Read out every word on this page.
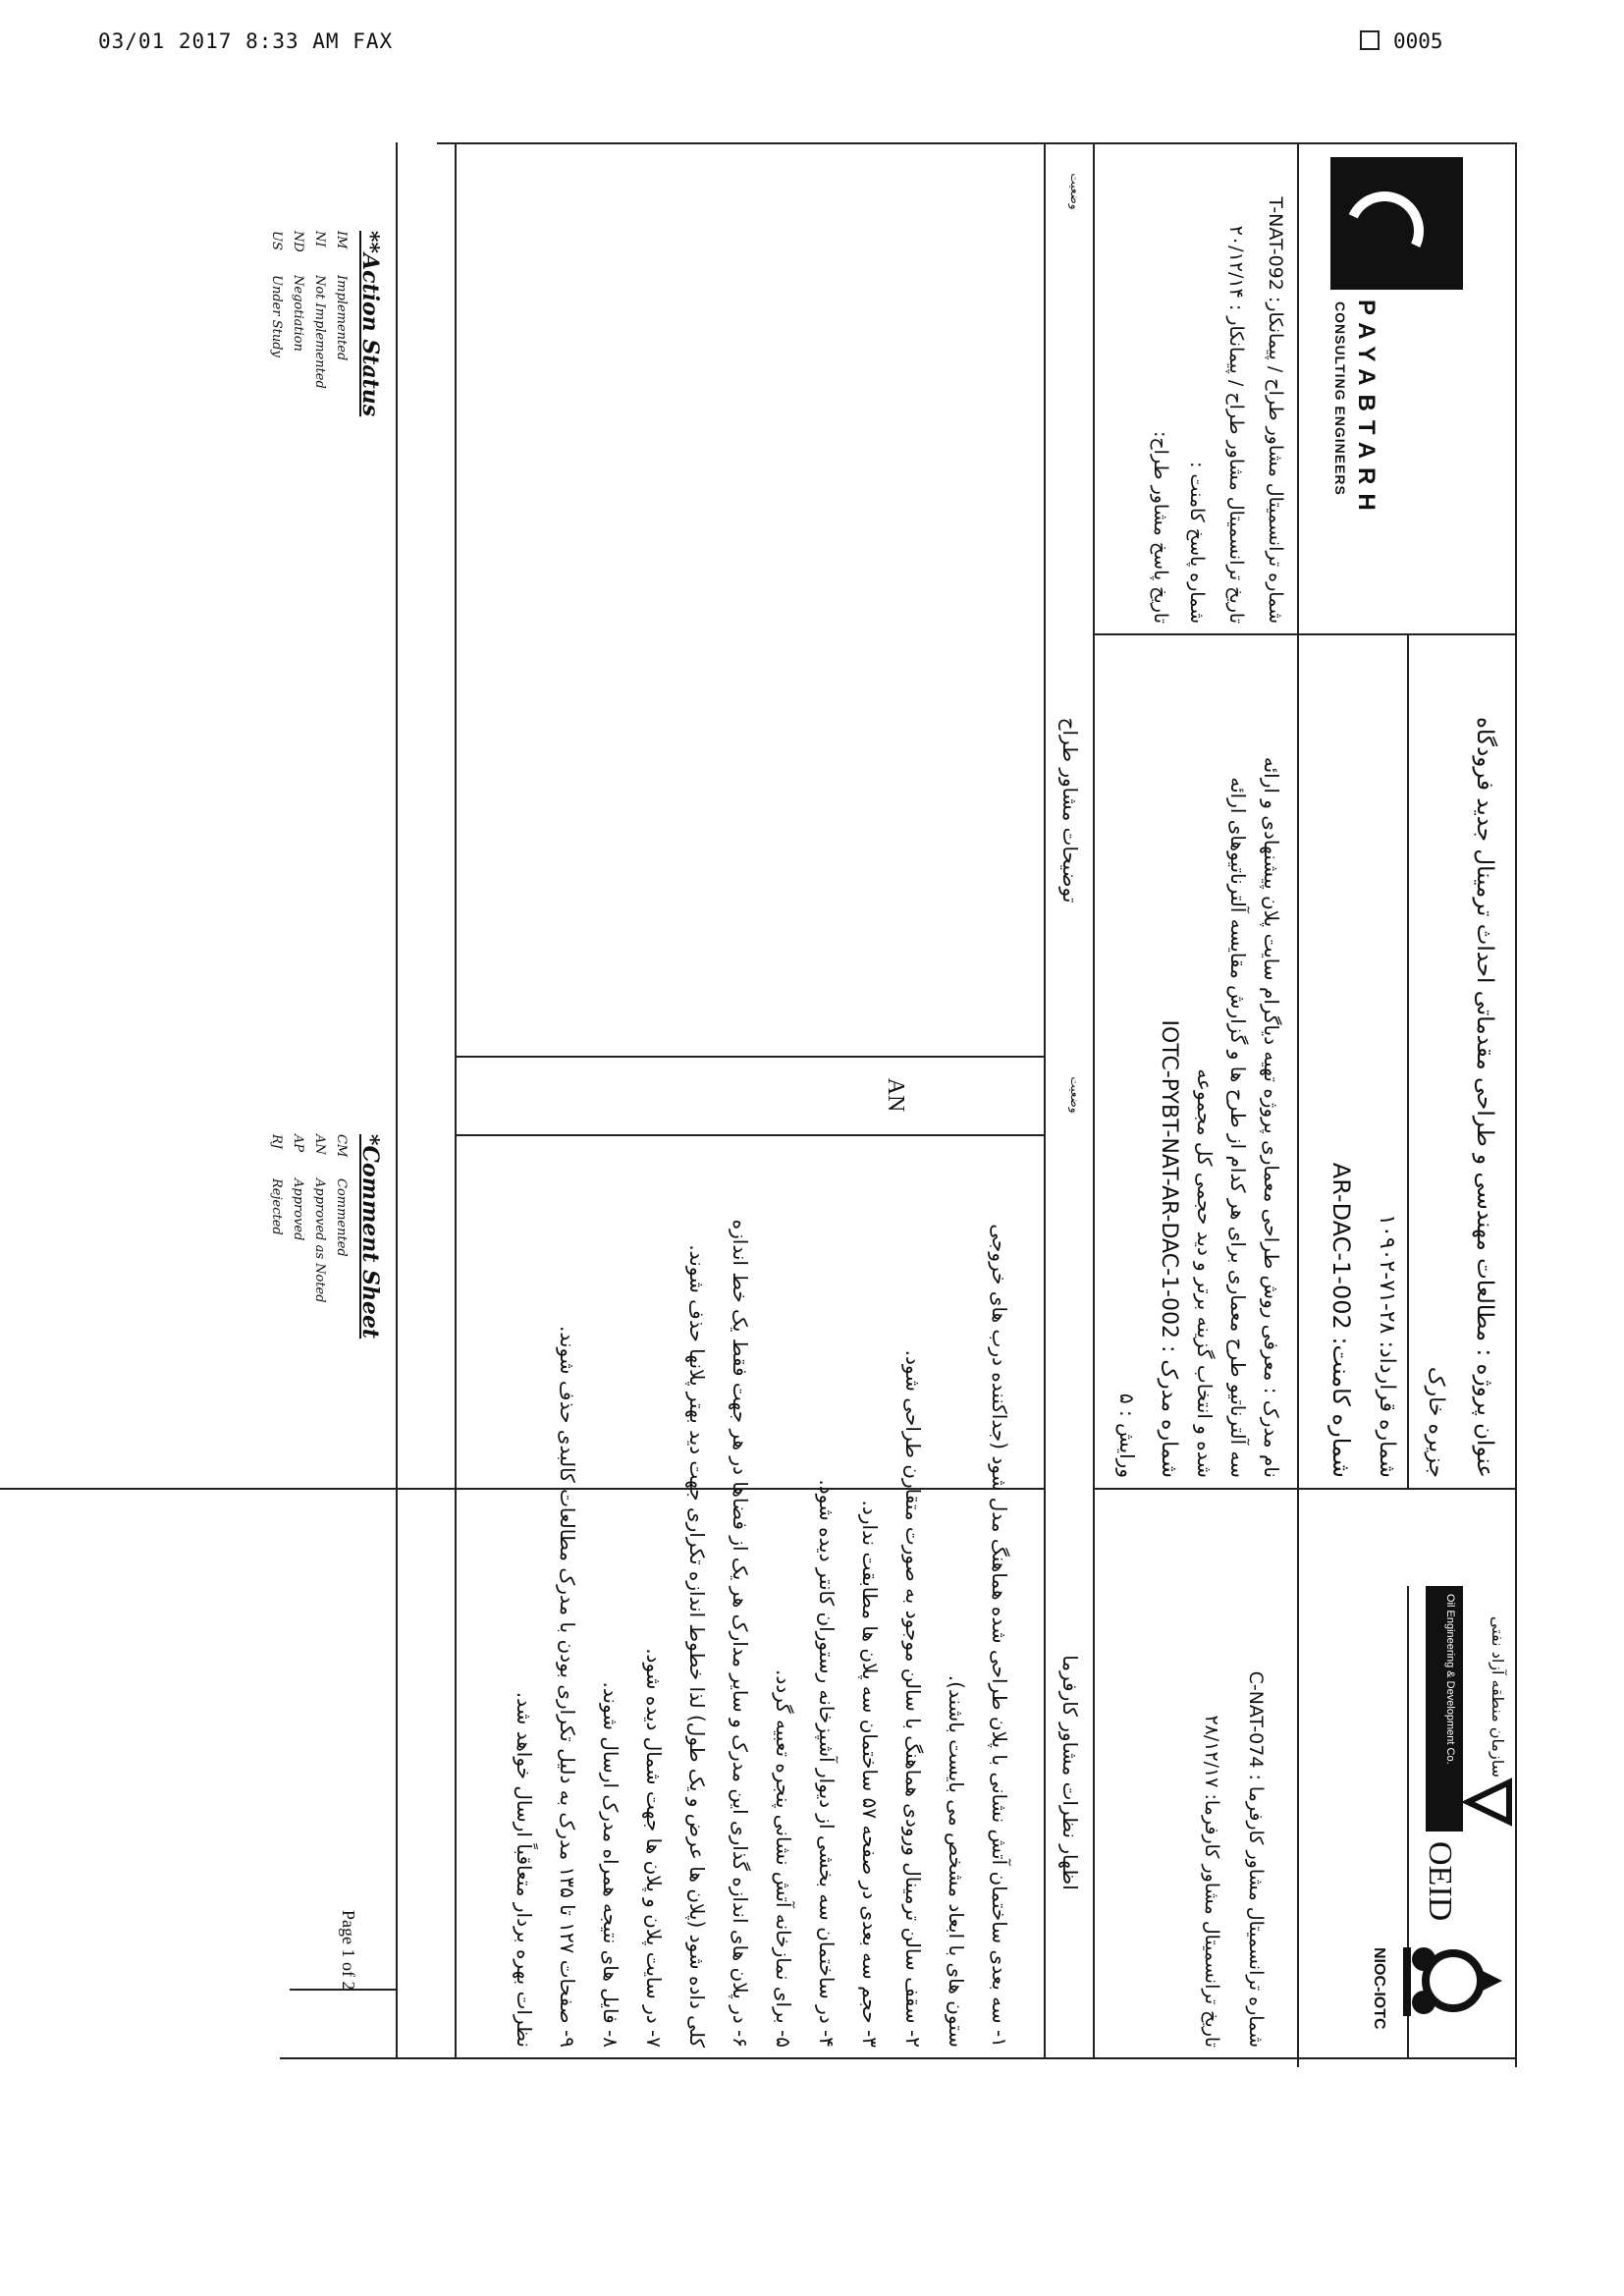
03/01 2017 8:33 AM FAX	0005
PAYABTARH
CONSULTING ENGINEERS
عنوان پروژه : مطالعات مهندسی و طراحی مقدماتی احداث ترمینال جدید فرودگاه
جزیره خارک
شماره قرارداد: ۲۸-۷۱-۱۰۹۰۲
شماره کامنت: AR-DAC-1-002
نام مدرک : معرفی روش طراحی معماری پروژه تهیه دیاگرام سایت پلان پیشنهادی و ارائه
سه آلترناتیو طرح معماری برای هر کدام از طرح ها و گزارش مقایسه آلترناتیوهای ارائه
شده و انتخاب گزینه برتر و دید حجمی کل مجموعه
شماره مدرک : IOTC-PYBT-NAT-AR-DAC-1-002
ورایش : ۵
شماره ترانسمیتال مشاور طراح / پیمانکار: T-NAT-092
تاریخ ترانسمیتال مشاور طراح / پیمانکار : ۲۰/۱۲/۱۴
شماره پاسخ کامنت :
تاریخ پاسخ مشاور طراح:
شماره ترانسمیتال مشاور کارفرما : C-NAT-074
تاریخ ترانسمیتال مشاور کارفرما: ۲۸/۱۲/۱۷
سازمان منطقه آزاد نفتی
Oil Engineering & Development Co.
OEID
NIOC-IOTC
اظهار نظرات مشاور کارفرما
وضعیت
توضیحات مشاور طراح
وضعیت
AN
۱- سه بعدی ساختمان آتش نشانی با پلان طراحی شده هماهنگ مدل شود (جداکننده درب های خروجی
ستون های با ابعاد مشخص می بایست باشند).
۲- سقف سالن ترمینال ورودی هماهنگ با سالن موجود به صورت متقارن طراحی شود.
۳- حجم سه بعدی در صفحه ۵۷ ساختمان سه پلان ها مطابقت ندارد.
۴- در ساختمان سه بخشی از دیوار آشپزخانه رستوران کانتر دیده شود.
۵- برای نمازخانه آتش نشانی پنجره تعبیه گردد.
۶- در پلان های اندازه گذاری این مدرک و سایر مدارک هر یک از فضاها در هر جهت فقط یک خط اندازه
کلی داده شود (پلان ها عرض و یک طول) لذا خطوط اندازه تکراری جهت دید بهتر پلانها حذف شوند.
۷- در سایت پلان و پلان ها جهت شمال دیده شود.
۸- فایل های نتیجه همراه مدرک ارسال شوند.
۹- صفحات ۱۲۷ تا ۱۳۵ مدرک به دلیل تکراری بودن با مدرک مطالعات کالبدی حذف شوند.
نظرات بهره بردار متعاقباً ارسال خواهد شد.
*Comment Sheet
CM
Commented
AN
Approved as Noted
AP
Approved
RJ
Rejected
**Action Status
IM
Implemented
NI
Not Implemented
ND
Negotiation
US
Under Study
Page 1 of 2
